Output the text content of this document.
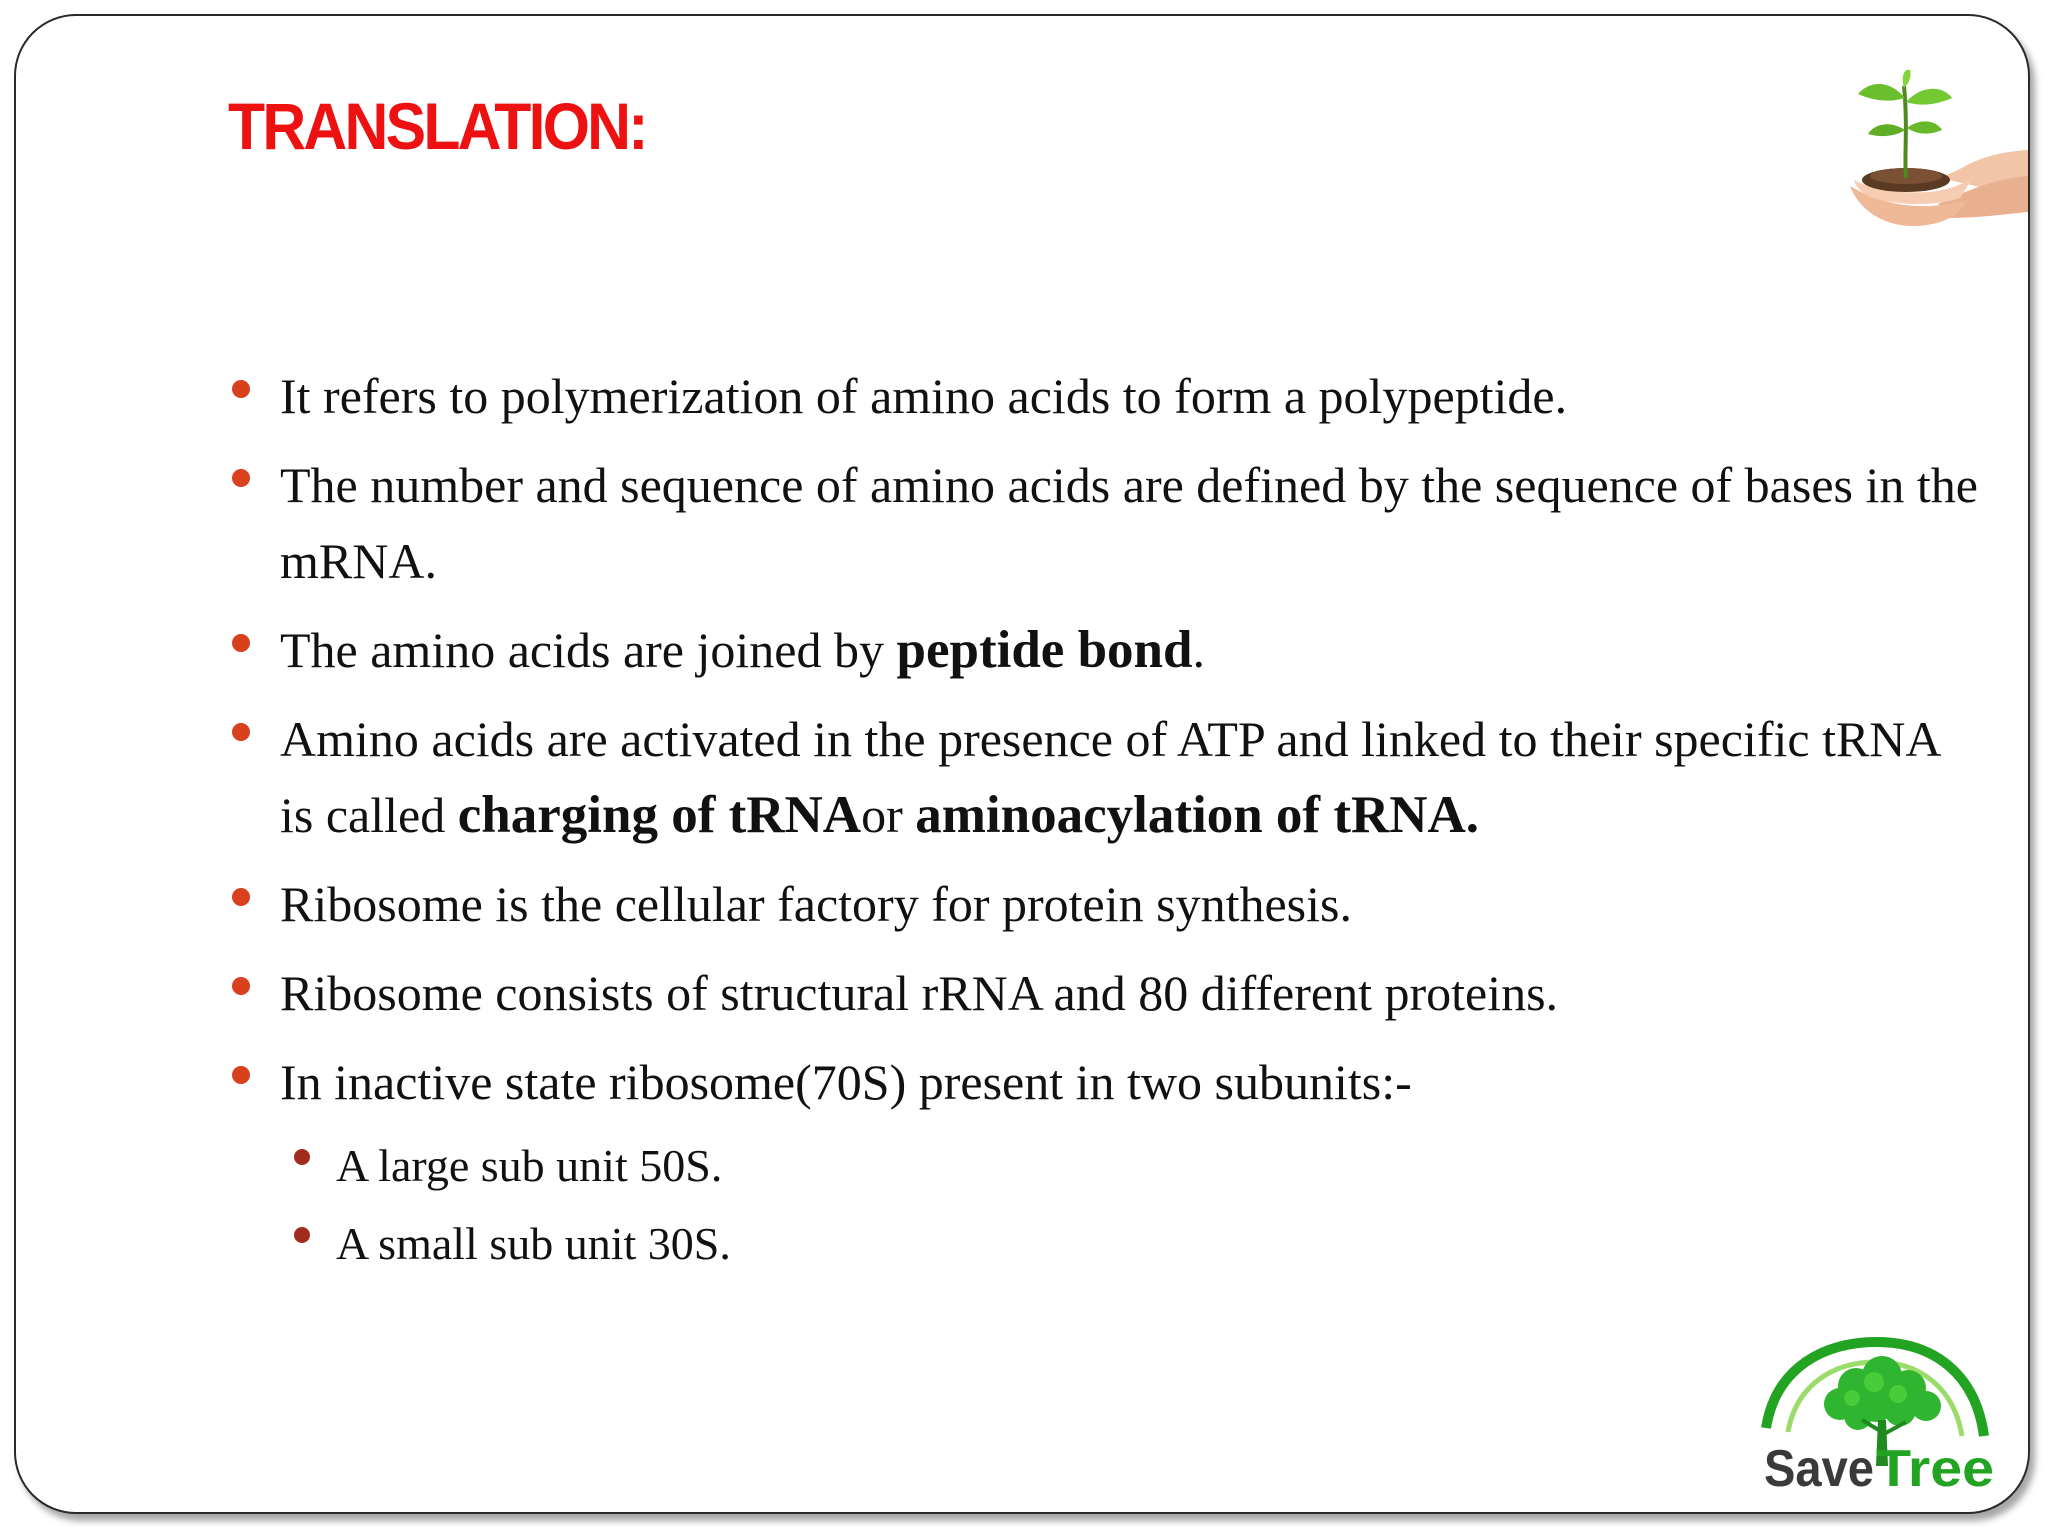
TRANSLATION:
It refers to polymerization of amino acids to form a polypeptide.
The number and sequence of amino acids are defined by the sequence of bases in the mRNA.
The amino acids are joined by peptide bond.
Amino acids are activated in the presence of ATP and linked to their specific tRNA is called charging of tRNAor aminoacylation of tRNA.
Ribosome is the cellular factory for protein synthesis.
Ribosome consists of structural rRNA and 80 different proteins.
In inactive state ribosome(70S) present in two subunits:-
A large sub unit 50S.
A small sub unit 30S.
Save Tree
